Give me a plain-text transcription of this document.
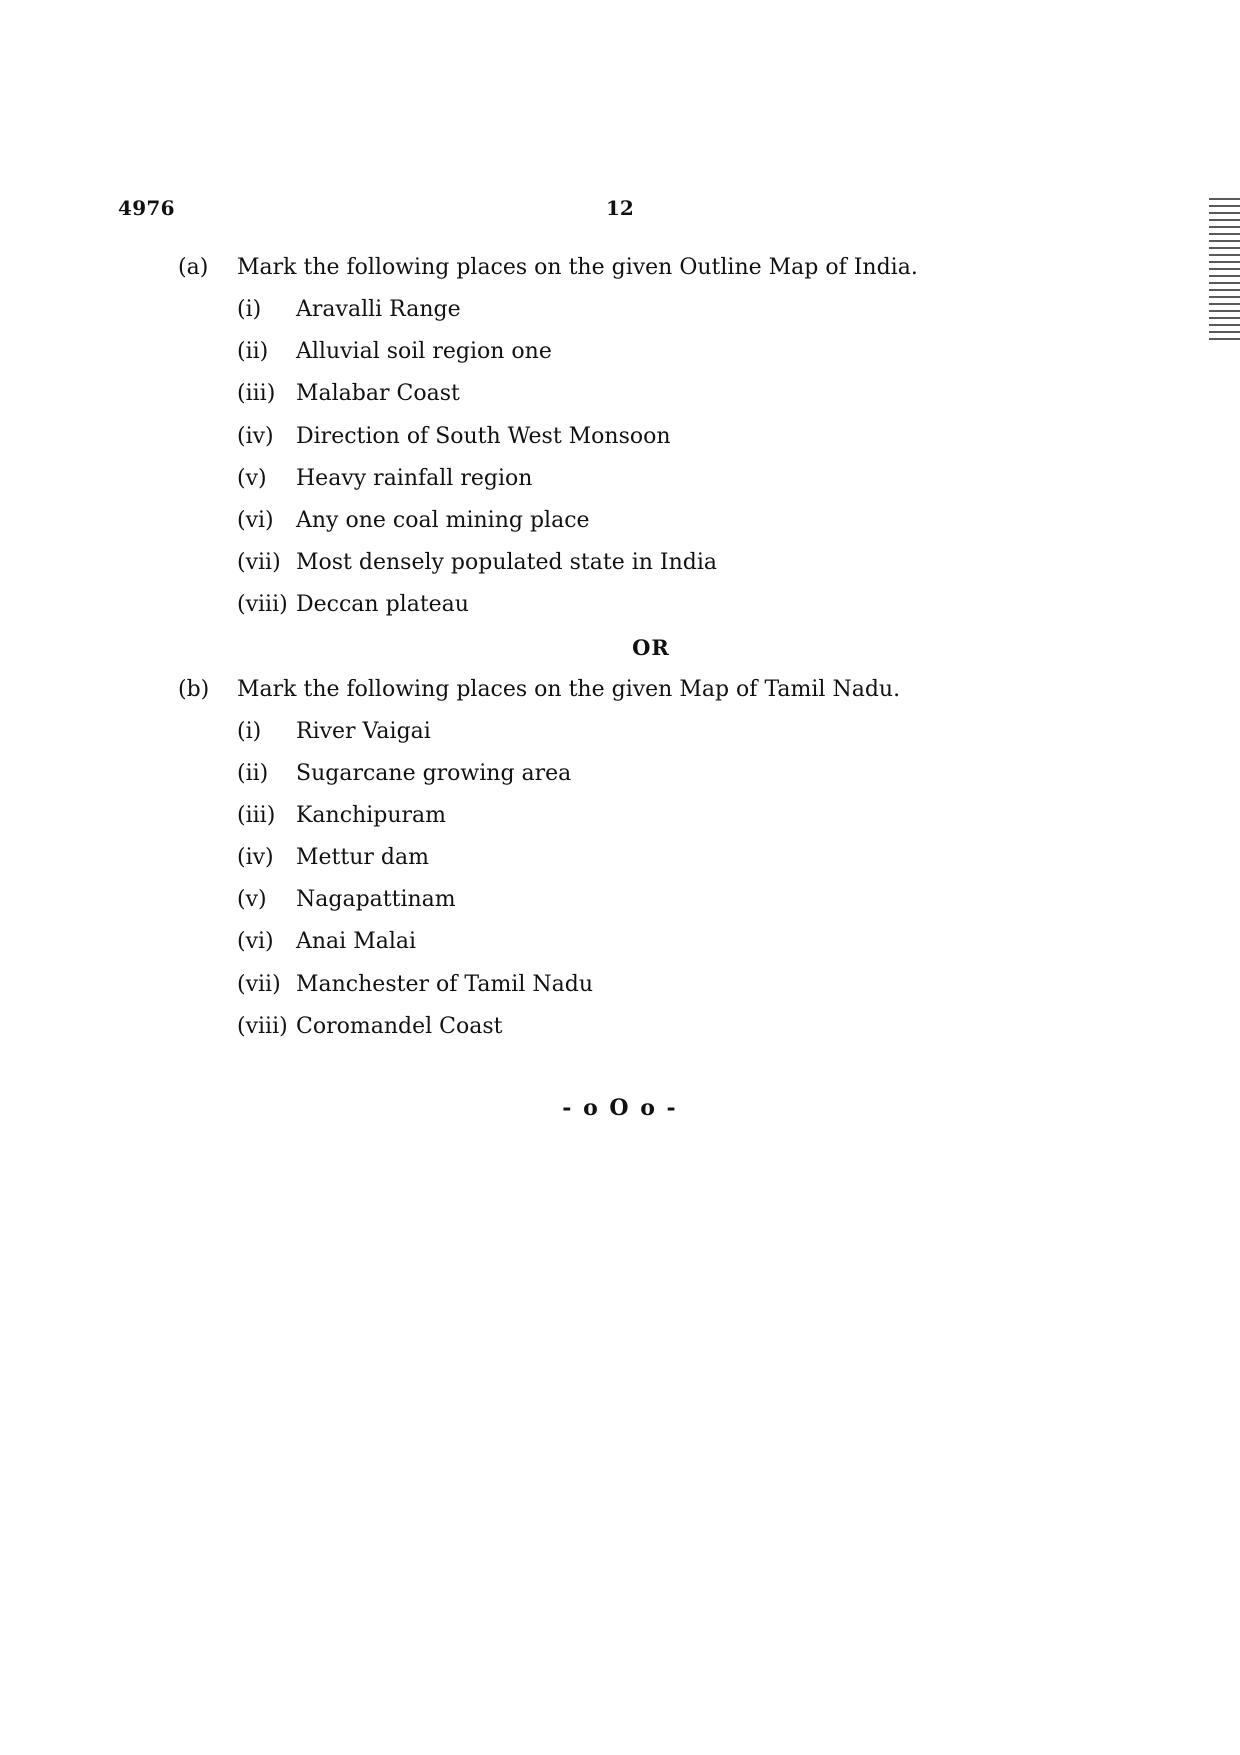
4976	12
(a) Mark the following places on the given Outline Map of India.
(i) Aravalli Range
(ii) Alluvial soil region one
(iii) Malabar Coast
(iv) Direction of South West Monsoon
(v) Heavy rainfall region
(vi) Any one coal mining place
(vii) Most densely populated state in India
(viii) Deccan plateau
OR
(b) Mark the following places on the given Map of Tamil Nadu.
(i) River Vaigai
(ii) Sugarcane growing area
(iii) Kanchipuram
(iv) Mettur dam
(v) Nagapattinam
(vi) Anai Malai
(vii) Manchester of Tamil Nadu
(viii) Coromandel Coast
- o O o -
